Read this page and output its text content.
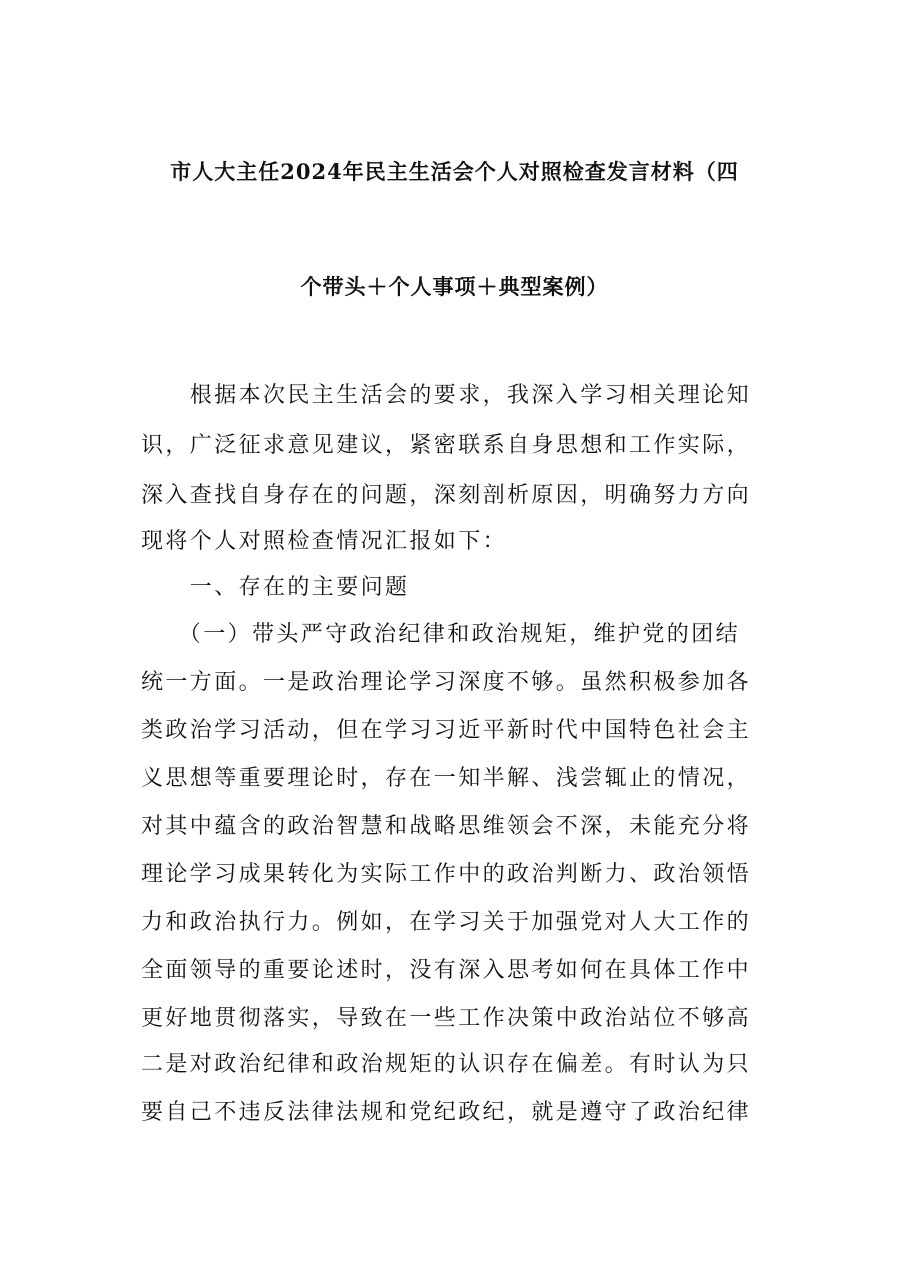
市人大主任2024年民主生活会个人对照检查发言材料（四
个带头＋个人事项＋典型案例）
　　根据本次民主生活会的要求，我深入学习相关理论知
识，广泛征求意见建议，紧密联系自身思想和工作实际，
深入查找自身存在的问题，深刻剖析原因，明确努力方向
现将个人对照检查情况汇报如下：
　　一、存在的主要问题
　　（一）带头严守政治纪律和政治规矩，维护党的团结
统一方面。一是政治理论学习深度不够。虽然积极参加各
类政治学习活动，但在学习习近平新时代中国特色社会主
义思想等重要理论时，存在一知半解、浅尝辄止的情况，
对其中蕴含的政治智慧和战略思维领会不深，未能充分将
理论学习成果转化为实际工作中的政治判断力、政治领悟
力和政治执行力。例如，在学习关于加强党对人大工作的
全面领导的重要论述时，没有深入思考如何在具体工作中
更好地贯彻落实，导致在一些工作决策中政治站位不够高
二是对政治纪律和政治规矩的认识存在偏差。有时认为只
要自己不违反法律法规和党纪政纪，就是遵守了政治纪律
